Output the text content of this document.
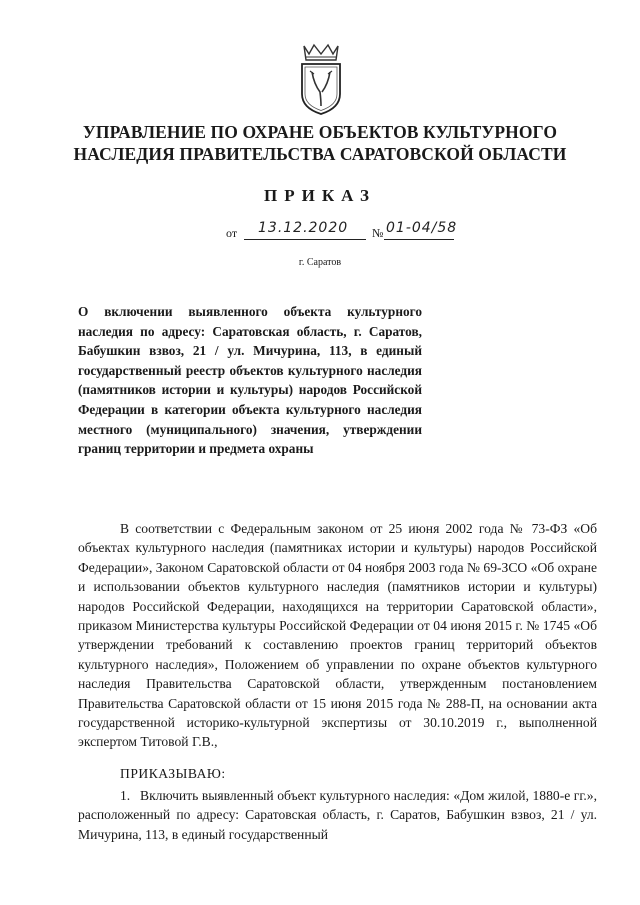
УПРАВЛЕНИЕ ПО ОХРАНЕ ОБЪЕКТОВ КУЛЬТУРНОГО
НАСЛЕДИЯ ПРАВИТЕЛЬСТВА САРАТОВСКОЙ ОБЛАСТИ
ПРИКАЗ
от 13.12.2020 № 01-04/58
г. Саратов
О включении выявленного объекта культурного наследия по адресу: Саратовская область, г. Саратов, Бабушкин взвоз, 21 / ул. Мичурина, 113, в единый государственный реестр объектов культурного наследия (памятников истории и культуры) народов Российской Федерации в категории объекта культурного наследия местного (муниципального) значения, утверждении границ территории и предмета охраны
В соответствии с Федеральным законом от 25 июня 2002 года № 73-ФЗ «Об объектах культурного наследия (памятниках истории и культуры) народов Российской Федерации», Законом Саратовской области от 04 ноября 2003 года № 69-ЗСО «Об охране и использовании объектов культурного наследия (памятников истории и культуры) народов Российской Федерации, находящихся на территории Саратовской области», приказом Министерства культуры Российской Федерации от 04 июня 2015 г. № 1745 «Об утверждении требований к составлению проектов границ территорий объектов культурного наследия», Положением об управлении по охране объектов культурного наследия Правительства Саратовской области, утвержденным постановлением Правительства Саратовской области от 15 июня 2015 года № 288-П, на основании акта государственной историко-культурной экспертизы от 30.10.2019 г., выполненной экспертом Титовой Г.В.,
ПРИКАЗЫВАЮ:
1. Включить выявленный объект культурного наследия: «Дом жилой, 1880-е гг.», расположенный по адресу: Саратовская область, г. Саратов, Бабушкин взвоз, 21 / ул. Мичурина, 113, в единый государственный
